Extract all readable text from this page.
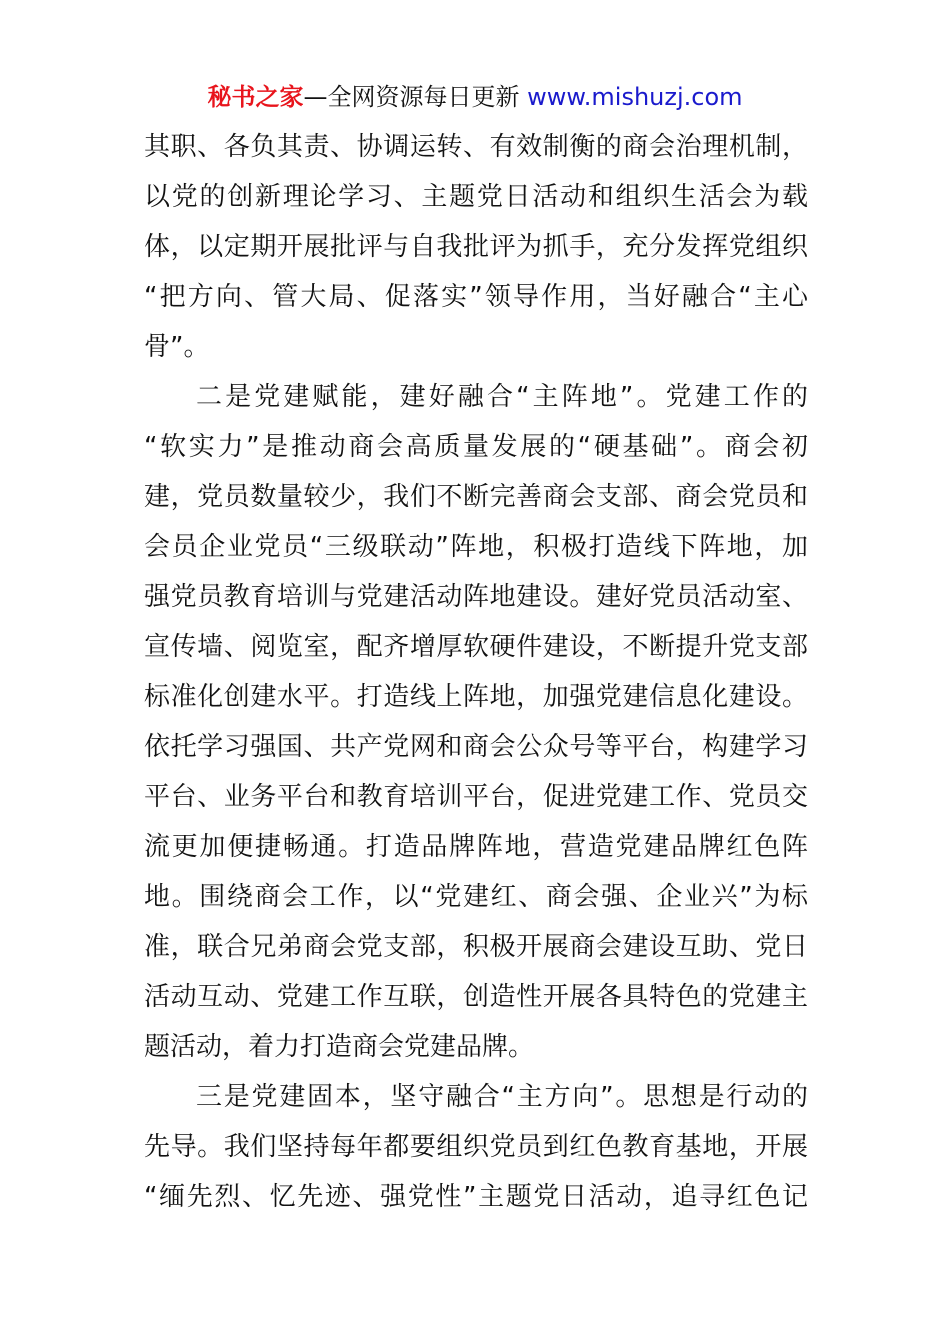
秘书之家—全网资源每日更新 www.mishuzj.com
其职、各负其责、协调运转、有效制衡的商会治理机制，
以党的创新理论学习、主题党日活动和组织生活会为载
体，以定期开展批评与自我批评为抓手，充分发挥党组织
“把方向、管大局、促落实”领导作用，当好融合“主心
骨”。
二是党建赋能，建好融合“主阵地”。党建工作的
“软实力”是推动商会高质量发展的“硬基础”。商会初
建，党员数量较少，我们不断完善商会支部、商会党员和
会员企业党员“三级联动”阵地，积极打造线下阵地，加
强党员教育培训与党建活动阵地建设。建好党员活动室、
宣传墙、阅览室，配齐增厚软硬件建设，不断提升党支部
标准化创建水平。打造线上阵地，加强党建信息化建设。
依托学习强国、共产党网和商会公众号等平台，构建学习
平台、业务平台和教育培训平台，促进党建工作、党员交
流更加便捷畅通。打造品牌阵地，营造党建品牌红色阵
地。围绕商会工作，以“党建红、商会强、企业兴”为标
准，联合兄弟商会党支部，积极开展商会建设互助、党日
活动互动、党建工作互联，创造性开展各具特色的党建主
题活动，着力打造商会党建品牌。
三是党建固本，坚守融合“主方向”。思想是行动的
先导。我们坚持每年都要组织党员到红色教育基地，开展
“缅先烈、忆先迹、强党性”主题党日活动，追寻红色记
